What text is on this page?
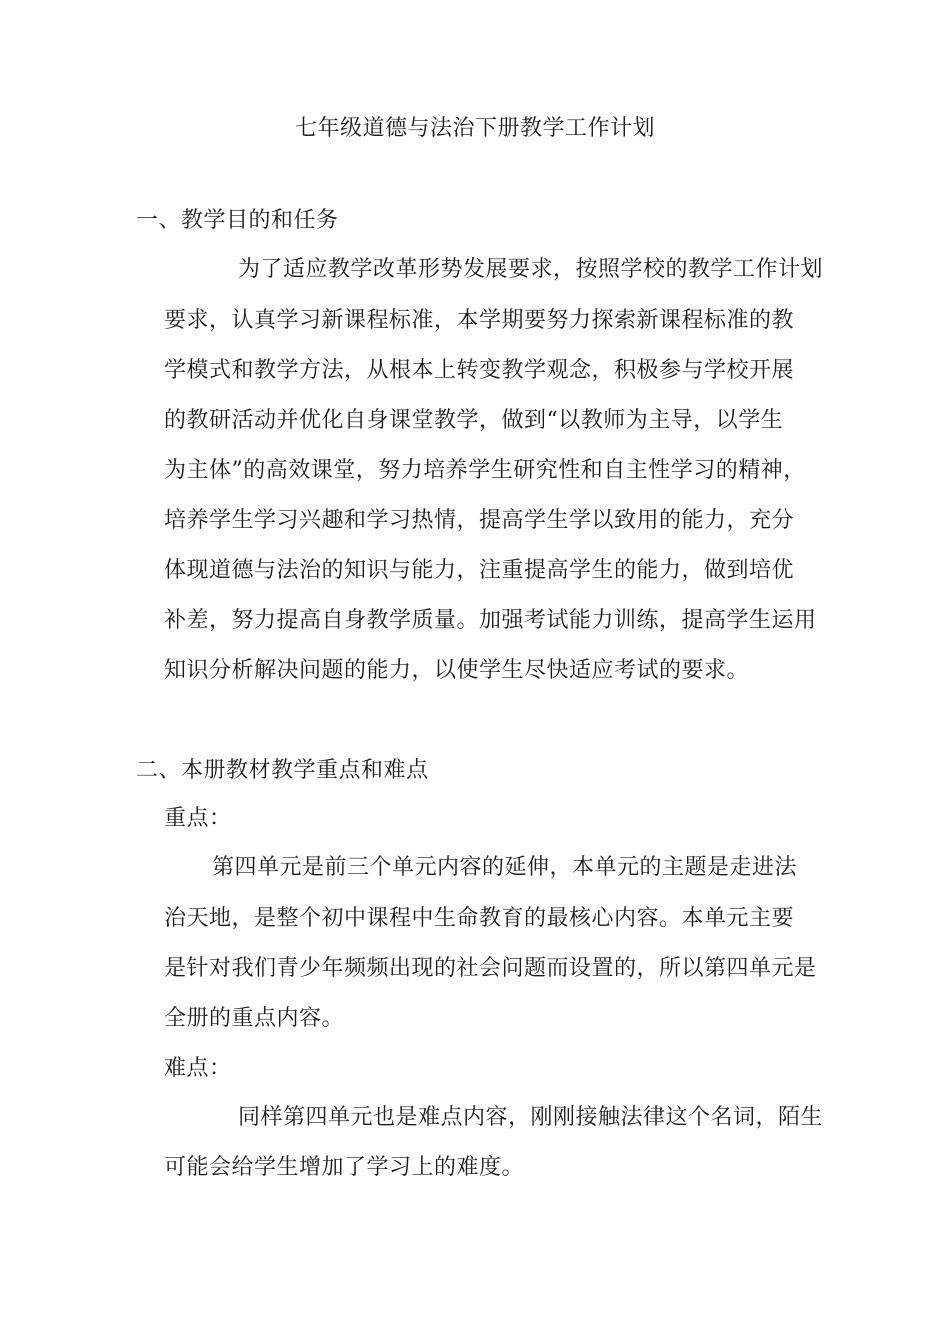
七年级道德与法治下册教学工作计划
一、教学目的和任务
为了适应教学改革形势发展要求，按照学校的教学工作计划
要求，认真学习新课程标准，本学期要努力探索新课程标准的教
学模式和教学方法，从根本上转变教学观念，积极参与学校开展
的教研活动并优化自身课堂教学，做到“以教师为主导，以学生
为主体”的高效课堂，努力培养学生研究性和自主性学习的精神，
培养学生学习兴趣和学习热情，提高学生学以致用的能力，充分
体现道德与法治的知识与能力，注重提高学生的能力，做到培优
补差，努力提高自身教学质量。加强考试能力训练，提高学生运用
知识分析解决问题的能力，以使学生尽快适应考试的要求。
二、本册教材教学重点和难点
重点：
第四单元是前三个单元内容的延伸，本单元的主题是走进法
治天地，是整个初中课程中生命教育的最核心内容。本单元主要
是针对我们青少年频频出现的社会问题而设置的，所以第四单元是
全册的重点内容。
难点：
同样第四单元也是难点内容，刚刚接触法律这个名词，陌生
可能会给学生增加了学习上的难度。
